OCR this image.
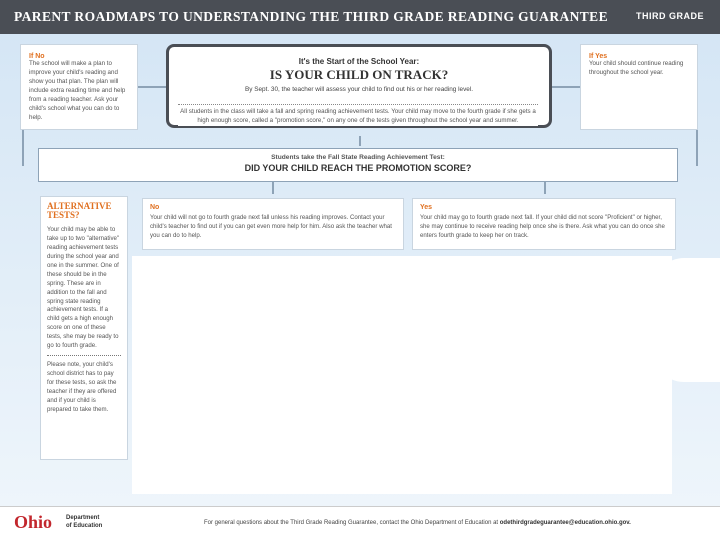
PARENT ROADMAPS TO UNDERSTANDING THE THIRD GRADE READING GUARANTEE	THIRD GRADE
If No
The school will make a plan to improve your child's reading and show you that plan. The plan will include extra reading time and help from a reading teacher. Ask your child's school what you can do to help.
If Yes
Your child should continue reading throughout the school year.
It's the Start of the School Year:
IS YOUR CHILD ON TRACK?
By Sept. 30, the teacher will assess your child to find out his or her reading level.
All students in the class will take a fall and spring reading achievement tests. Your child may move to the fourth grade if she gets a high enough score, called a "promotion score," on any one of the tests given throughout the school year and summer.
Students take the Fall State Reading Achievement Test:
DID YOUR CHILD REACH THE PROMOTION SCORE?
ALTERNATIVE TESTS?
Your child may be able to take up to two "alternative" reading achievement tests during the school year and one in the summer. One of these should be in the spring. These are in addition to the fall and spring state reading achievement tests. If a child gets a high enough score on one of these tests, she may be ready to go to fourth grade.
Please note, your child's school district has to pay for these tests, so ask the teacher if they are offered and if your child is prepared to take them.
No
Your child will not go to fourth grade next fall unless his reading improves. Contact your child's teacher to find out if you can get even more help for him. Also ask the teacher what you can do to help.
Yes
Your child may go to fourth grade next fall. If your child did not score "Proficient" or higher, she may continue to receive reading help once she is there. Ask what you can do once she enters fourth grade to keep her on track.
Ohio Department
of Education
For general questions about the Third Grade Reading Guarantee, contact the Ohio Department of Education at odethirdgradeguarantee@education.ohio.gov.
